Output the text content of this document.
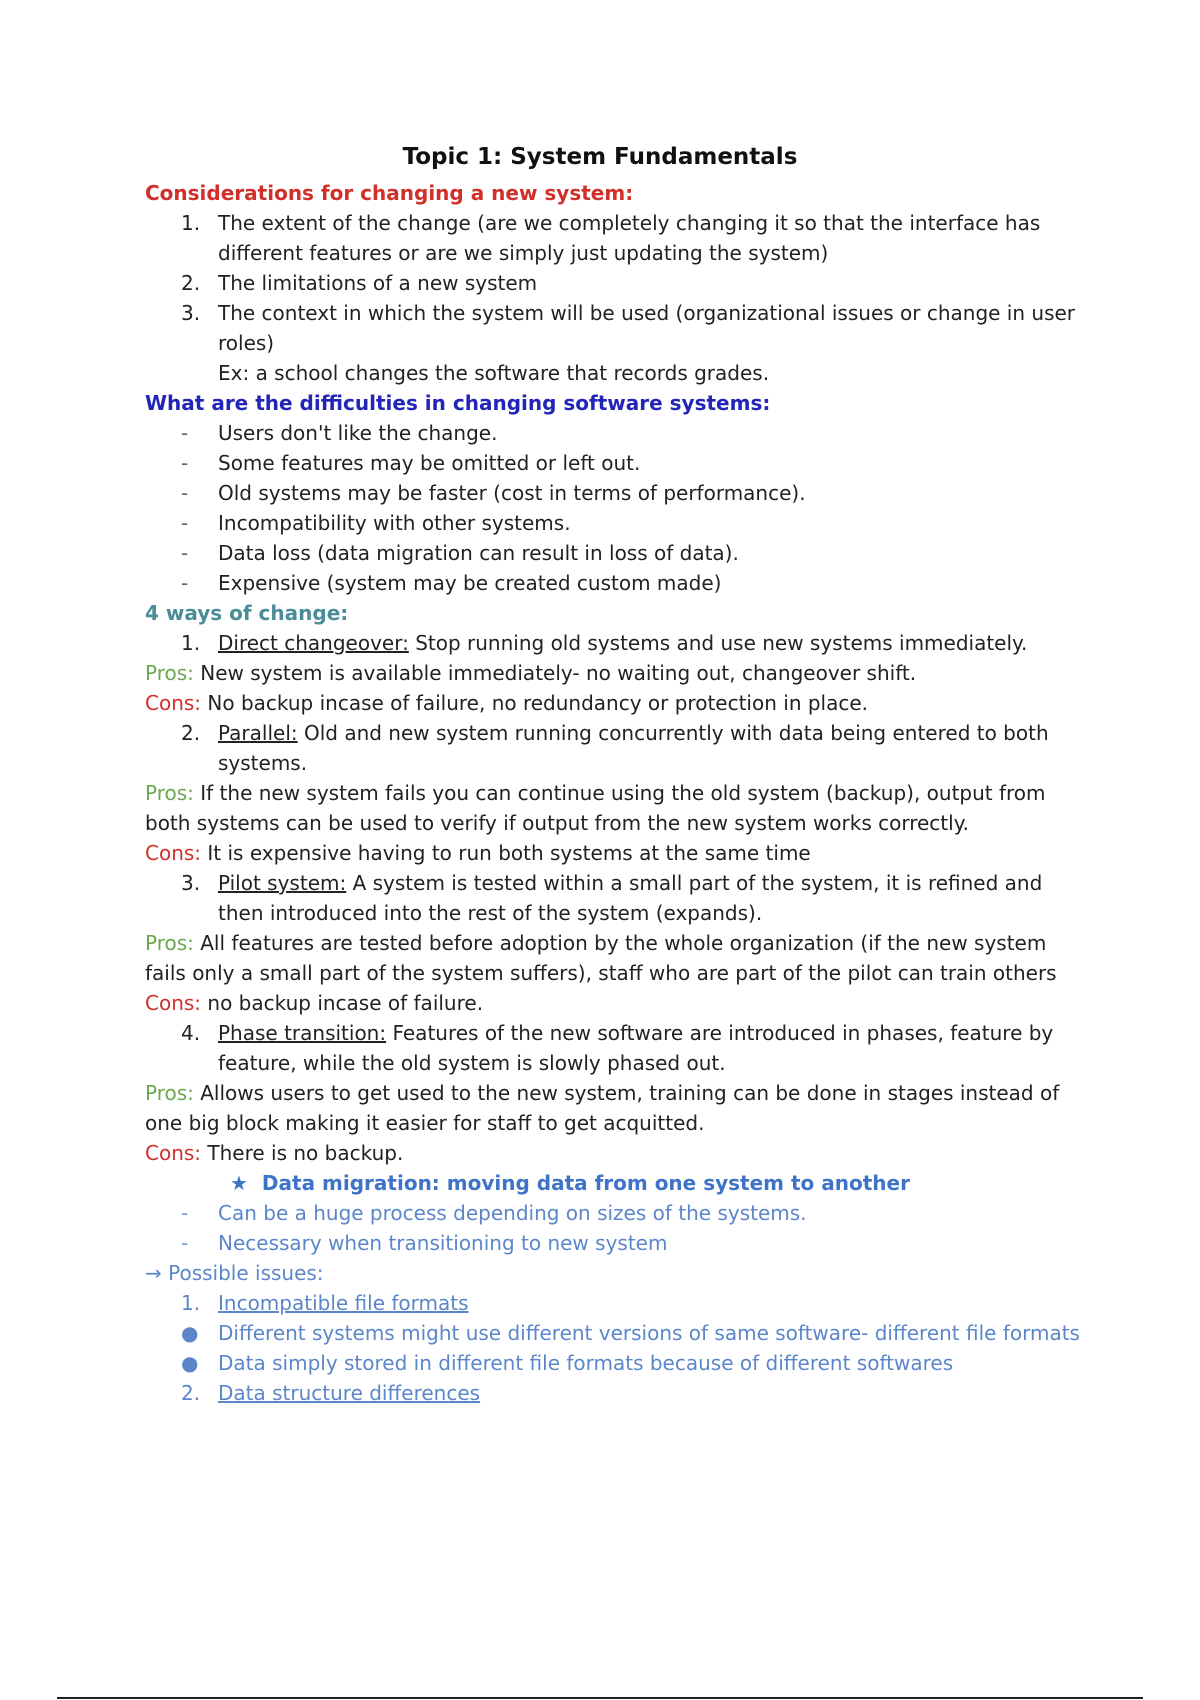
Topic 1: System Fundamentals
Considerations for changing a new system:
1. The extent of the change (are we completely changing it so that the interface has
different features or are we simply just updating the system)
2. The limitations of a new system
3. The context in which the system will be used (organizational issues or change in user
roles)
Ex: a school changes the software that records grades.
What are the difficulties in changing software systems:
-	Users don't like the change.
-	Some features may be omitted or left out.
-	Old systems may be faster (cost in terms of performance).
-	Incompatibility with other systems.
-	Data loss (data migration can result in loss of data).
-	Expensive (system may be created custom made)
4 ways of change:
1. Direct changeover: Stop running old systems and use new systems immediately.
Pros: New system is available immediately- no waiting out, changeover shift.
Cons: No backup incase of failure, no redundancy or protection in place.
2. Parallel: Old and new system running concurrently with data being entered to both
systems.
Pros: If the new system fails you can continue using the old system (backup), output from
both systems can be used to verify if output from the new system works correctly.
Cons: It is expensive having to run both systems at the same time
3. Pilot system: A system is tested within a small part of the system, it is refined and
then introduced into the rest of the system (expands).
Pros: All features are tested before adoption by the whole organization (if the new system
fails only a small part of the system suffers), staff who are part of the pilot can train others
Cons: no backup incase of failure.
4. Phase transition: Features of the new software are introduced in phases, feature by
feature, while the old system is slowly phased out.
Pros: Allows users to get used to the new system, training can be done in stages instead of
one big block making it easier for staff to get acquitted.
Cons: There is no backup.
★ Data migration: moving data from one system to another
-	Can be a huge process depending on sizes of the systems.
-	Necessary when transitioning to new system
→ Possible issues:
1. Incompatible file formats
● Different systems might use different versions of same software- different file formats
● Data simply stored in different file formats because of different softwares
2. Data structure differences
